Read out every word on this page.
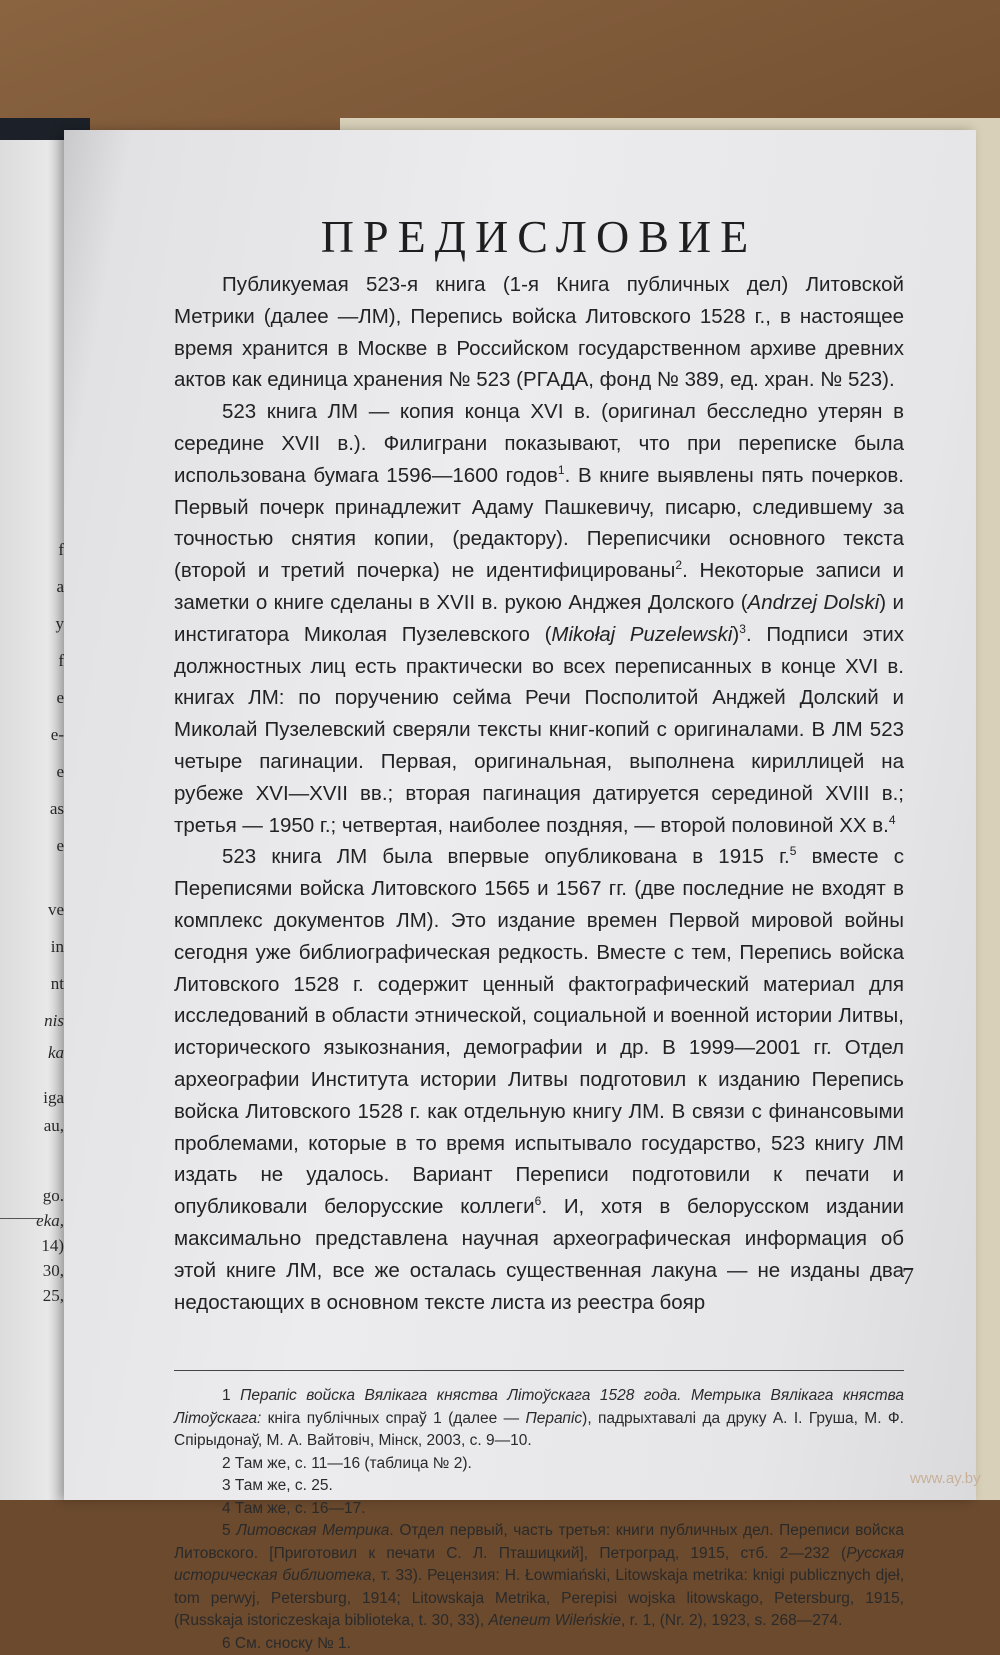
f
a
y
f
e
e-
e
as
e
ve
in
nt
nis
ka
iga
au,
go.
eka,
14)
30,
25,
ПРЕДИСЛОВИЕ

Публикуемая 523-я книга (1-я Книга публичных дел) Литовской Метрики (далее —ЛМ), Перепись войска Литовского 1528 г., в настоящее время хранится в Москве в Российском государственном архиве древних актов как единица хранения № 523 (РГАДА, фонд № 389, ед. хран. № 523).

523 книга ЛМ — копия конца XVI в. (оригинал бесследно утерян в середине XVII в.). Филиграни показывают, что при переписке была использована бумага 1596—1600 годов$^1$. В книге выявлены пять почерков. Первый почерк принадлежит Адаму Пашкевичу, писарю, следившему за точностью снятия копии, (редактору). Переписчики основного текста (второй и третий почерка) не идентифицированы$^2$. Некоторые записи и заметки о книге сделаны в XVII в. рукою Анджея Долского (Andrzej Dolski) и инстигатора Миколая Пузелевского (Mikołaj Puzelewski)$^3$. Подписи этих должностных лиц есть практически во всех переписанных в конце XVI в. книгах ЛМ: по поручению сейма Речи Посполитой Анджей Долский и Миколай Пузелевский сверяли тексты книг-копий с оригиналами. В ЛМ 523 четыре пагинации. Первая, оригинальная, выполнена кириллицей на рубеже XVI—XVII вв.; вторая пагинация датируется серединой XVIII в.; третья — 1950 г.; четвертая, наиболее поздняя, — второй половиной XX в.$^4$

523 книга ЛМ была впервые опубликована в 1915 г.$^5$ вместе с Переписями войска Литовского 1565 и 1567 гг. (две последние не входят в комплекс документов ЛМ). Это издание времен Первой мировой войны сегодня уже библиографическая редкость. Вместе с тем, Перепись войска Литовского 1528 г. содержит ценный фактографический материал для исследований в области этнической, социальной и военной истории Литвы, исторического языкознания, демографии и др. В 1999—2001 гг. Отдел археографии Института истории Литвы подготовил к изданию Перепись войска Литовского 1528 г. как отдельную книгу ЛМ. В связи с финансовыми проблемами, которые в то время испытывало государство, 523 книгу ЛМ издать не удалось. Вариант Переписи подготовили к печати и опубликовали белорусские коллеги$^6$. И, хотя в белорусском издании максимально представлена научная археографическая информация об этой книге ЛМ, все же осталась существенная лакуна — не изданы два недостающих в основном тексте листа из реестра бояр

1 Перапіс войска Вялікага княства Літоўскага 1528 года. Метрыка Вялікага княства Літоўскага: кніга публічных спраў 1 (далее — Перапіс), падрыхтавалі да друку А. І. Груша, М. Ф. Спірыдонаў, М. А. Вайтовіч, Мінск, 2003, с. 9—10.

2 Там же, с. 11—16 (таблица № 2).

3 Там же, с. 25.

4 Там же, с. 16—17.

5 Литовская Метрика. Отдел первый, часть третья: книги публичных дел. Переписи войска Литовского. [Приготовил к печати С. Л. Пташицкий], Петроград, 1915, стб. 2—232 (Русская историческая библиотека, т. 33). Рецензия: H. Łowmiański, Litowskaja metrika: knigi publicznych djeł, tom perwyj, Petersburg, 1914; Litowskaja Metrika, Perepisi wojska litowskago, Petersburg, 1915, (Russkaja istoriczeskaja biblioteka, t. 30, 33), Ateneum Wileńskie, r. 1, (Nr. 2), 1923, s. 268—274.

6 См. сноску № 1.

7
www.ay.by
